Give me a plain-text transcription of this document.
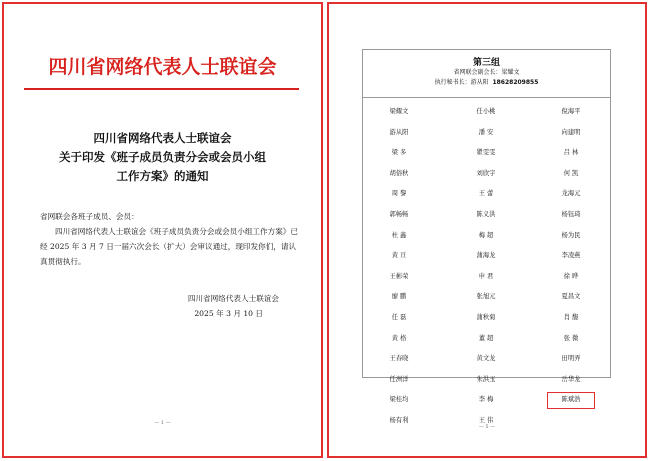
四川省网络代表人士联谊会
四川省网络代表人士联谊会
关于印发《班子成员负责分会或会员小组
工作方案》的通知
省网联会各班子成员、会员：
四川省网络代表人士联谊会《班子成员负责分会或会员小组工作方案》已经 2025 年 3 月 7 日一届六次会长（扩大）会审议通过，现印发你们，请认真贯彻执行。
四川省网络代表人士联谊会
2025 年 3 月 10 日
— 1 —
第三组
省网联会副会长：梁耀文
执行秘书长：游从阳 18628209855
梁耀文
游从阳
梁 多
胡俗秋
周 黎
郭畅畅
杜 鑫
黄 亘
王彬荣
廖 鹏
任 磊
黄 格
王春晓
任洲洋
梁桂均
杨有利
任小桃
潘 安
瞿雯雯
刘欣宇
王 蕾
陈义洪
梅 超
蒲海龙
申 君
张旭元
蒲秋菊
董 超
黄文龙
朱洪玉
李 梅
王 伟
倪海平
向建明
吕 林
何 凯
龙海元
杨钰琦
杨为民
李凌燕
徐 晔
夏昌文
肖 馥
张 微
田明弄
岳华龙
陈斌浩
— 5 —
